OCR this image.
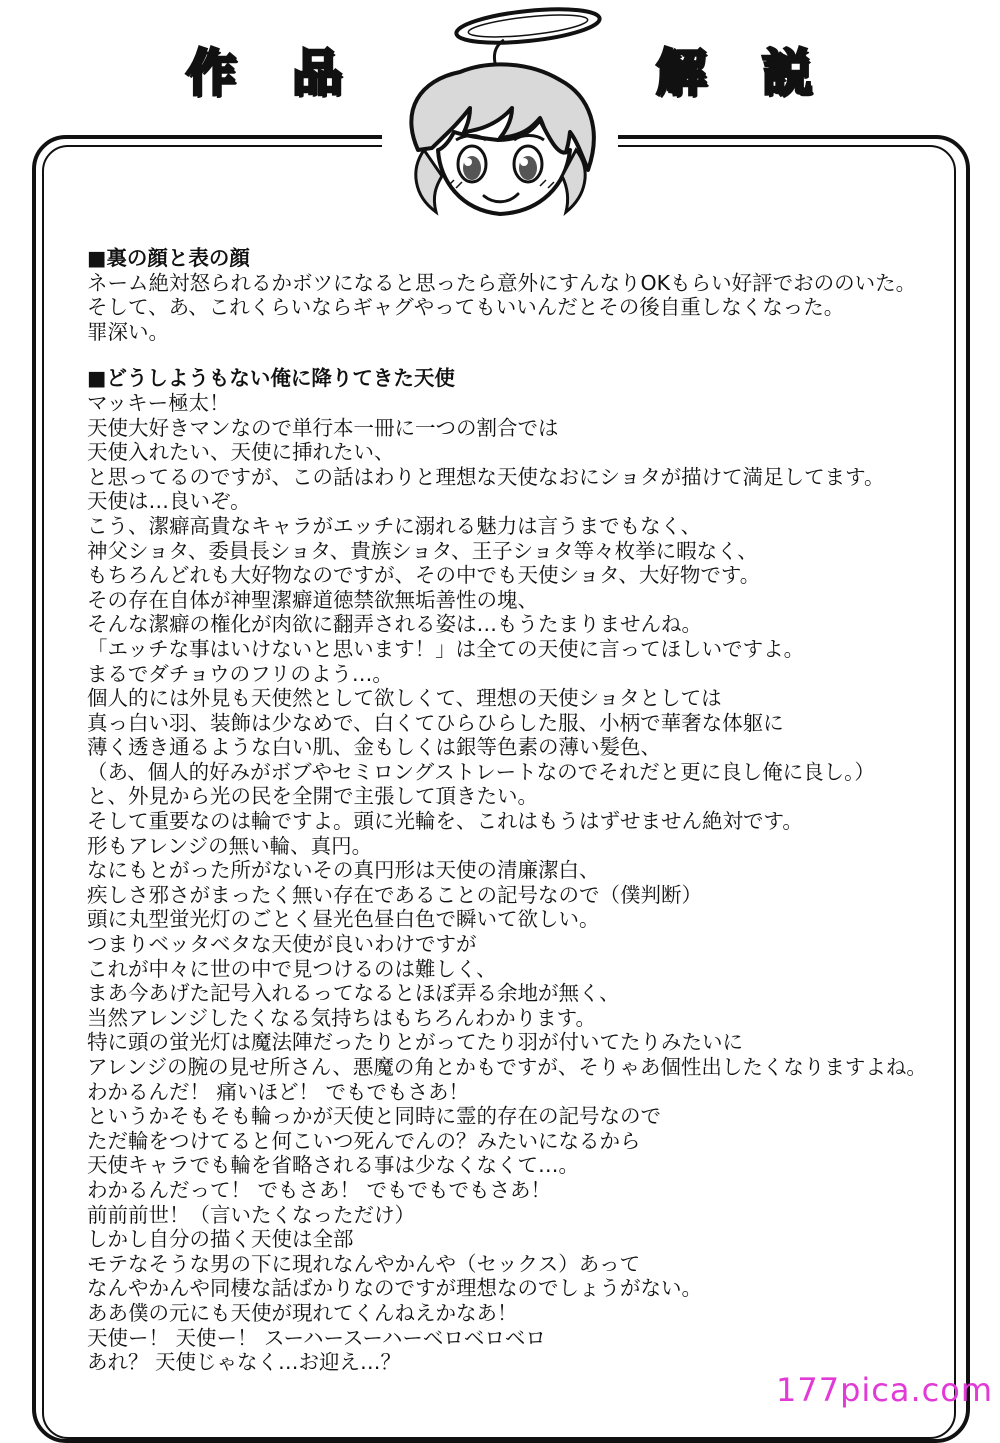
作 品	解 説
■裏の顔と表の顔
ネーム絶対怒られるかボツになると思ったら意外にすんなりOKもらい好評でおののいた。
そして、あ、これくらいならギャグやってもいいんだとその後自重しなくなった。
罪深い。
■どうしようもない俺に降りてきた天使
マッキー極太！
天使大好きマンなので単行本一冊に一つの割合では
天使入れたい、天使に挿れたい、
と思ってるのですが、この話はわりと理想な天使なおにショタが描けて満足してます。
天使は…良いぞ。
こう、潔癖高貴なキャラがエッチに溺れる魅力は言うまでもなく、
神父ショタ、委員長ショタ、貴族ショタ、王子ショタ等々枚挙に暇なく、
もちろんどれも大好物なのですが、その中でも天使ショタ、大好物です。
その存在自体が神聖潔癖道徳禁欲無垢善性の塊、
そんな潔癖の権化が肉欲に翻弄される姿は…もうたまりませんね。
「エッチな事はいけないと思います！」は全ての天使に言ってほしいですよ。
まるでダチョウのフリのよう…。
個人的には外見も天使然として欲しくて、理想の天使ショタとしては
真っ白い羽、装飾は少なめで、白くてひらひらした服、小柄で華奢な体躯に
薄く透き通るような白い肌、金もしくは銀等色素の薄い髪色、
（あ、個人的好みがボブやセミロングストレートなのでそれだと更に良し俺に良し。）
と、外見から光の民を全開で主張して頂きたい。
そして重要なのは輪ですよ。頭に光輪を、これはもうはずせません絶対です。
形もアレンジの無い輪、真円。
なにもとがった所がないその真円形は天使の清廉潔白、
疾しさ邪さがまったく無い存在であることの記号なので（僕判断）
頭に丸型蛍光灯のごとく昼光色昼白色で瞬いて欲しい。
つまりベッタベタな天使が良いわけですが
これが中々に世の中で見つけるのは難しく、
まあ今あげた記号入れるってなるとほぼ弄る余地が無く、
当然アレンジしたくなる気持ちはもちろんわかります。
特に頭の蛍光灯は魔法陣だったりとがってたり羽が付いてたりみたいに
アレンジの腕の見せ所さん、悪魔の角とかもですが、そりゃあ個性出したくなりますよね。
わかるんだ！ 痛いほど！ でもでもさあ！
というかそもそも輪っかが天使と同時に霊的存在の記号なので
ただ輪をつけてると何こいつ死んでんの？みたいになるから
天使キャラでも輪を省略される事は少なくなくて…。
わかるんだって！ でもさあ！ でもでもでもさあ！
前前前世！（言いたくなっただけ）
しかし自分の描く天使は全部
モテなそうな男の下に現れなんやかんや（セックス）あって
なんやかんや同棲な話ばかりなのですが理想なのでしょうがない。
ああ僕の元にも天使が現れてくんねえかなあ！
天使ー！ 天使ー！ スーハースーハーベロベロベロ
あれ？ 天使じゃなく…お迎え…？
177pica.com
